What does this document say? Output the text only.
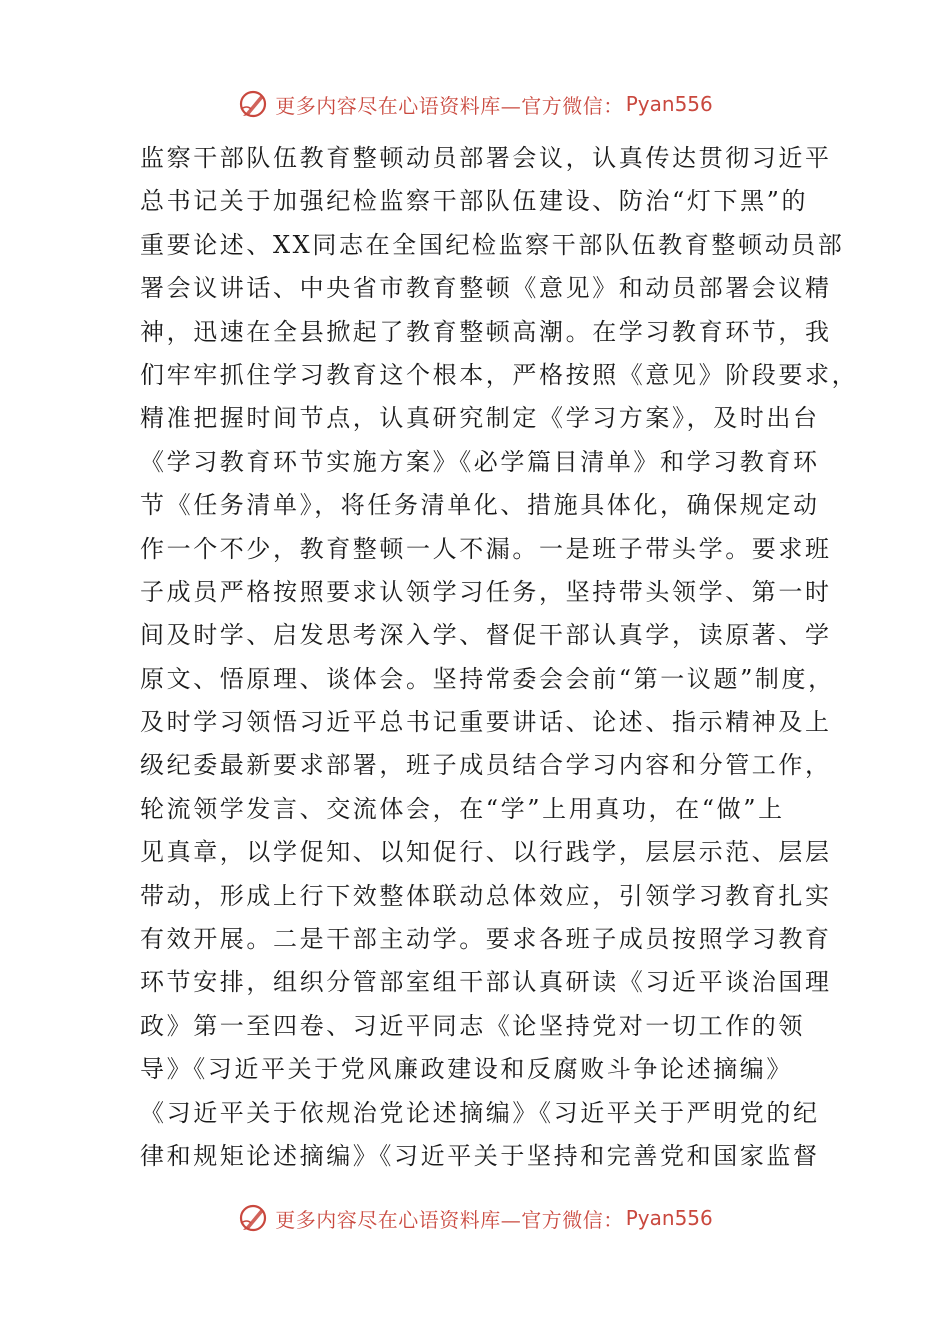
更多内容尽在心语资料库—官方微信： Pyan556
监察干部队伍教育整顿动员部署会议，认真传达贯彻习近平
总书记关于加强纪检监察干部队伍建设、防治“灯下黑”的
重要论述、XX同志在全国纪检监察干部队伍教育整顿动员部
署会议讲话、中央省市教育整顿《意见》和动员部署会议精
神，迅速在全县掀起了教育整顿高潮。在学习教育环节，我
们牢牢抓住学习教育这个根本，严格按照《意见》阶段要求，
精准把握时间节点，认真研究制定《学习方案》，及时出台
《学习教育环节实施方案》《必学篇目清单》和学习教育环
节《任务清单》，将任务清单化、措施具体化，确保规定动
作一个不少，教育整顿一人不漏。一是班子带头学。要求班
子成员严格按照要求认领学习任务，坚持带头领学、第一时
间及时学、启发思考深入学、督促干部认真学，读原著、学
原文、悟原理、谈体会。坚持常委会会前“第一议题”制度，
及时学习领悟习近平总书记重要讲话、论述、指示精神及上
级纪委最新要求部署，班子成员结合学习内容和分管工作，
轮流领学发言、交流体会，在“学”上用真功，在“做”上
见真章，以学促知、以知促行、以行践学，层层示范、层层
带动，形成上行下效整体联动总体效应，引领学习教育扎实
有效开展。二是干部主动学。要求各班子成员按照学习教育
环节安排，组织分管部室组干部认真研读《习近平谈治国理
政》第一至四卷、习近平同志《论坚持党对一切工作的领
导》《习近平关于党风廉政建设和反腐败斗争论述摘编》
《习近平关于依规治党论述摘编》《习近平关于严明党的纪
律和规矩论述摘编》《习近平关于坚持和完善党和国家监督
更多内容尽在心语资料库—官方微信： Pyan556
